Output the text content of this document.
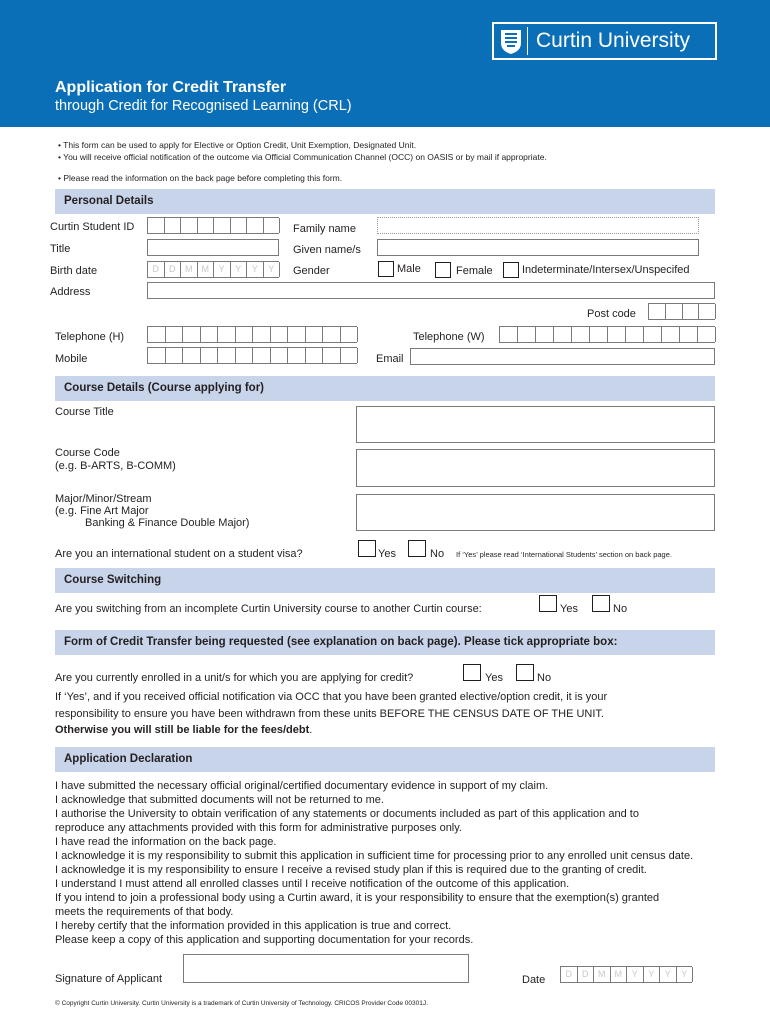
Curtin University
Application for Credit Transfer
through Credit for Recognised Learning (CRL)
• This form can be used to apply for Elective or Option Credit, Unit Exemption, Designated Unit.
• You will receive official notification of the outcome via Official Communication Channel (OCC) on OASIS or by mail if appropriate.
• Please read the information on the back page before completing this form.
Personal Details
Curtin Student ID	Family name
Title	Given name/s
Birth date	D	D	M	M	Y	Y	Y	Y	Gender	Male	Female	Indeterminate/Intersex/Unspecifed
Address
Post code
Telephone (H)	Telephone (W)
Mobile	Email
Course Details (Course applying for)
Course Title
Course Code
(e.g. B-ARTS, B-COMM)
Major/Minor/Stream
(e.g. Fine Art Major
Banking & Finance Double Major)
Are you an international student on a student visa?	Yes	No If ‘Yes’ please read ‘International Students’ section on back page.
Course Switching
Are you switching from an incomplete Curtin University course to another Curtin course:	Yes	No
Form of Credit Transfer being requested (see explanation on back page). Please tick appropriate box:
Are you currently enrolled in a unit/s for which you are applying for credit?	Yes	No
If ‘Yes’, and if you received official notification via OCC that you have been granted elective/option credit, it is your
responsibility to ensure you have been withdrawn from these units BEFORE THE CENSUS DATE OF THE UNIT.
Otherwise you will still be liable for the fees/debt.
Application Declaration
I have submitted the necessary official original/certified documentary evidence in support of my claim.
I acknowledge that submitted documents will not be returned to me.
I authorise the University to obtain verification of any statements or documents included as part of this application and to
reproduce any attachments provided with this form for administrative purposes only.
I have read the information on the back page.
I acknowledge it is my responsibility to submit this application in sufficient time for processing prior to any enrolled unit census date.
I acknowledge it is my responsibility to ensure I receive a revised study plan if this is required due to the granting of credit.
I understand I must attend all enrolled classes until I receive notification of the outcome of this application.
If you intend to join a professional body using a Curtin award, it is your responsibility to ensure that the exemption(s) granted
meets the requirements of that body.
I hereby certify that the information provided in this application is true and correct.
Please keep a copy of this application and supporting documentation for your records.
Signature of Applicant	Date	D	D	M	M	Y	Y	Y	Y
© Copyright Curtin University. Curtin University is a trademark of Curtin University of Technology. CRICOS Provider Code 00301J.
